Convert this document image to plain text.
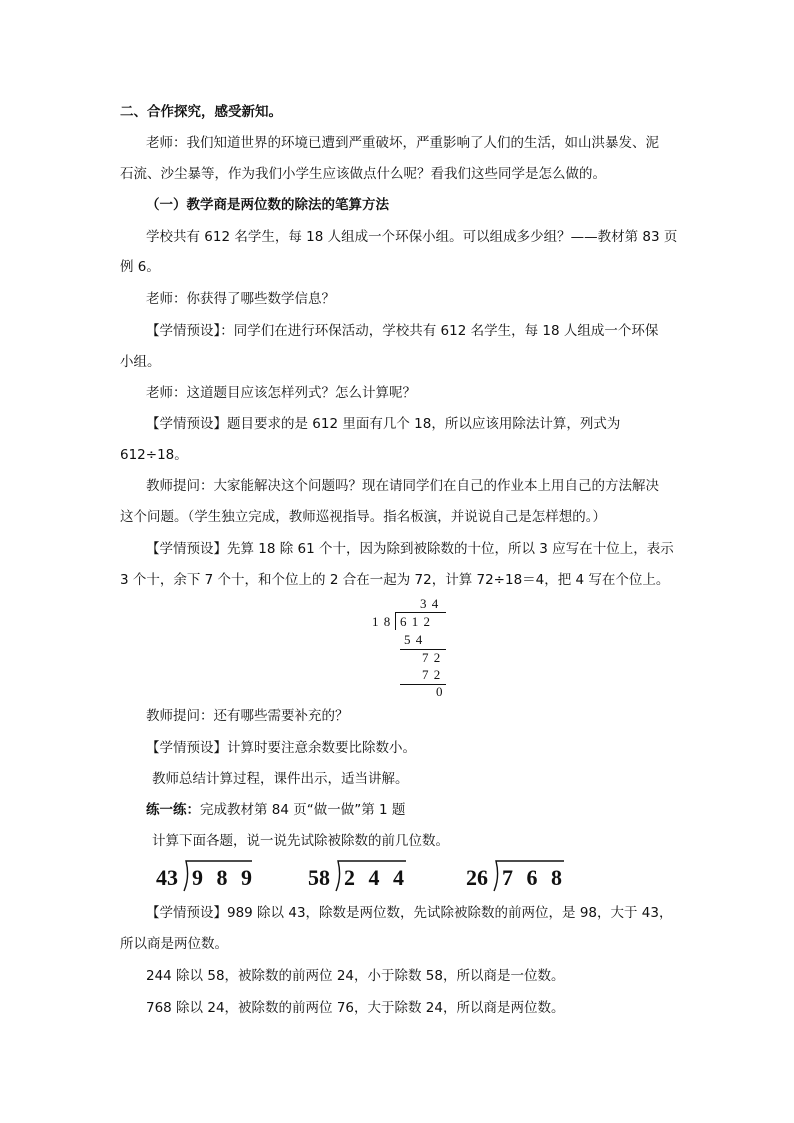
二、合作探究，感受新知。
老师：我们知道世界的环境已遭到严重破坏，严重影响了人们的生活，如山洪暴发、泥
石流、沙尘暴等，作为我们小学生应该做点什么呢？看我们这些同学是怎么做的。
（一）教学商是两位数的除法的笔算方法
学校共有 612 名学生，每 18 人组成一个环保小组。可以组成多少组？——教材第 83 页
例 6。
老师：你获得了哪些数学信息？
【学情预设】：同学们在进行环保活动，学校共有 612 名学生，每 18 人组成一个环保
小组。
老师：这道题目应该怎样列式？怎么计算呢？
【学情预设】题目要求的是 612 里面有几个 18，所以应该用除法计算，列式为
612÷18。
教师提问：大家能解决这个问题吗？现在请同学们在自己的作业本上用自己的方法解决
这个问题。（学生独立完成，教师巡视指导。指名板演，并说说自己是怎样想的。）
【学情预设】先算 18 除 61 个十，因为除到被除数的十位，所以 3 应写在十位上，表示
3 个十，余下 7 个十，和个位上的 2 合在一起为 72，计算 72÷18＝4，把 4 写在个位上。
3 4
1 8 6 1 2
5 4
7 2
7 2
0
教师提问：还有哪些需要补充的？
【学情预设】计算时要注意余数要比除数小。
教师总结计算过程，课件出示，适当讲解。
练一练：完成教材第 84 页“做一做”第 1 题
计算下面各题，说一说先试除被除数的前几位数。
43 9 8 9 58 2 4 4	26 7 6 8
【学情预设】989 除以 43，除数是两位数，先试除被除数的前两位，是 98，大于 43，
所以商是两位数。
244 除以 58，被除数的前两位 24，小于除数 58，所以商是一位数。
768 除以 24，被除数的前两位 76，大于除数 24，所以商是两位数。
